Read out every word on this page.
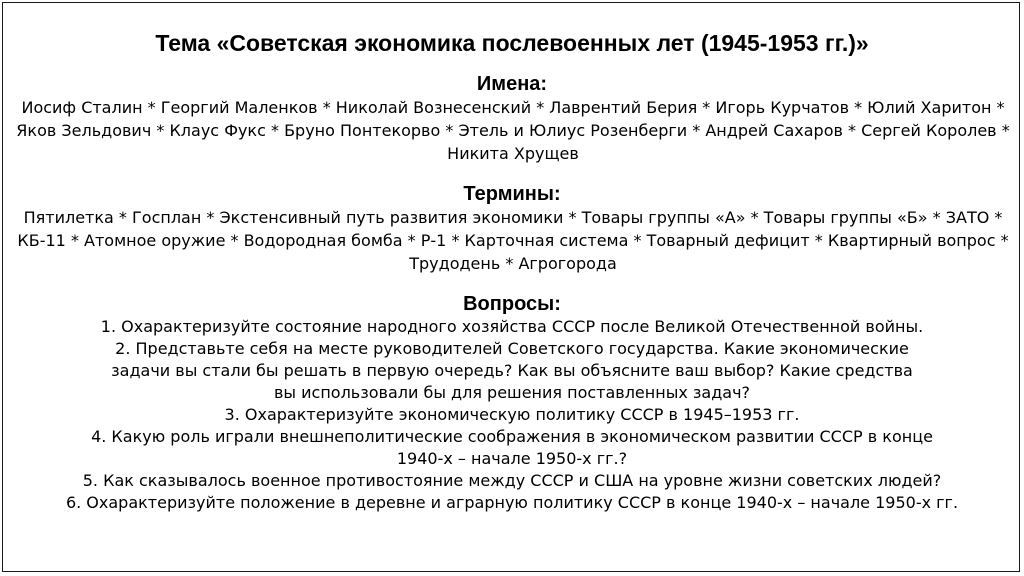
Тема «Советская экономика послевоенных лет (1945-1953 гг.)»
Имена:
Иосиф Сталин * Георгий Маленков * Николай Вознесенский * Лаврентий Берия * Игорь Курчатов * Юлий Харитон * Яков Зельдович * Клаус Фукс * Бруно Понтекорво * Этель и Юлиус Розенберги * Андрей Сахаров * Сергей Королев * Никита Хрущев
Термины:
Пятилетка * Госплан * Экстенсивный путь развития экономики * Товары группы «А» * Товары группы «Б» * ЗАТО * КБ-11 * Атомное оружие * Водородная бомба * Р-1 * Карточная система * Товарный дефицит * Квартирный вопрос * Трудодень * Агрогорода
Вопросы:
1. Охарактеризуйте состояние народного хозяйства СССР после Великой Отечественной войны.
2. Представьте себя на месте руководителей Советского государства. Какие экономические задачи вы стали бы решать в первую очередь? Как вы объясните ваш выбор? Какие средства вы использовали бы для решения поставленных задач?
3. Охарактеризуйте экономическую политику СССР в 1945–1953 гг.
4. Какую роль играли внешнеполитические соображения в экономическом развитии СССР в конце 1940-х – начале 1950-х гг.?
5. Как сказывалось военное противостояние между СССР и США на уровне жизни советских людей?
6. Охарактеризуйте положение в деревне и аграрную политику СССР в конце 1940-х – начале 1950-х гг.
